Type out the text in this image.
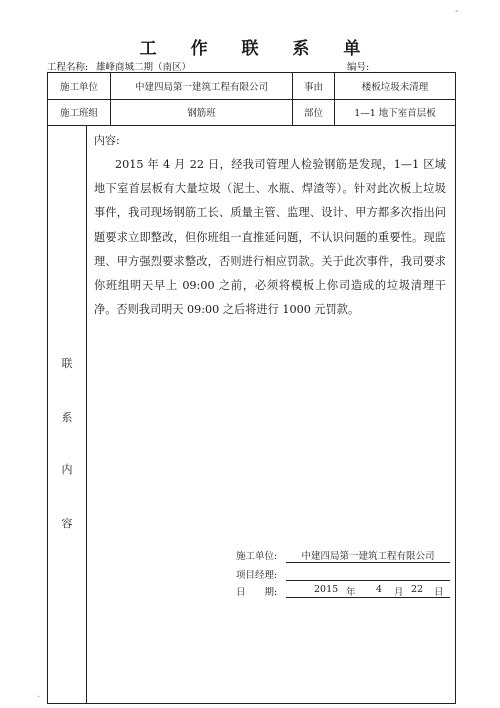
-
工 作 联 系 单
工程名称: 雄峰商城二期（南区）	编号:
施工单位	中建四局第一建筑工程有限公司	事由	楼板垃圾未清理
施工班组	钢筋班	部位	1—1 地下室首层板
联
系
内
容
内容:

2015 年 4 月 22 日，经我司管理人检验钢筋是发现，1—1 区域地下室首层板有大量垃圾（泥土、水瓶、焊渣等）。针对此次板上垃圾事件，我司现场钢筋工长、质量主管、监理、设计、甲方都多次指出问题要求立即整改，但你班组一直推延问题，不认识问题的重要性。现监理、甲方强烈要求整改，否则进行相应罚款。关于此次事件，我司要求你班组明天早上 09:00 之前，必须将模板上你司造成的垃圾清理干净。否则我司明天 09:00 之后将进行 1000 元罚款。

施工单位:	中建四局第一建筑工程有限公司
项目经理:
日　　期:	2015 年 4 月 22 日
.
